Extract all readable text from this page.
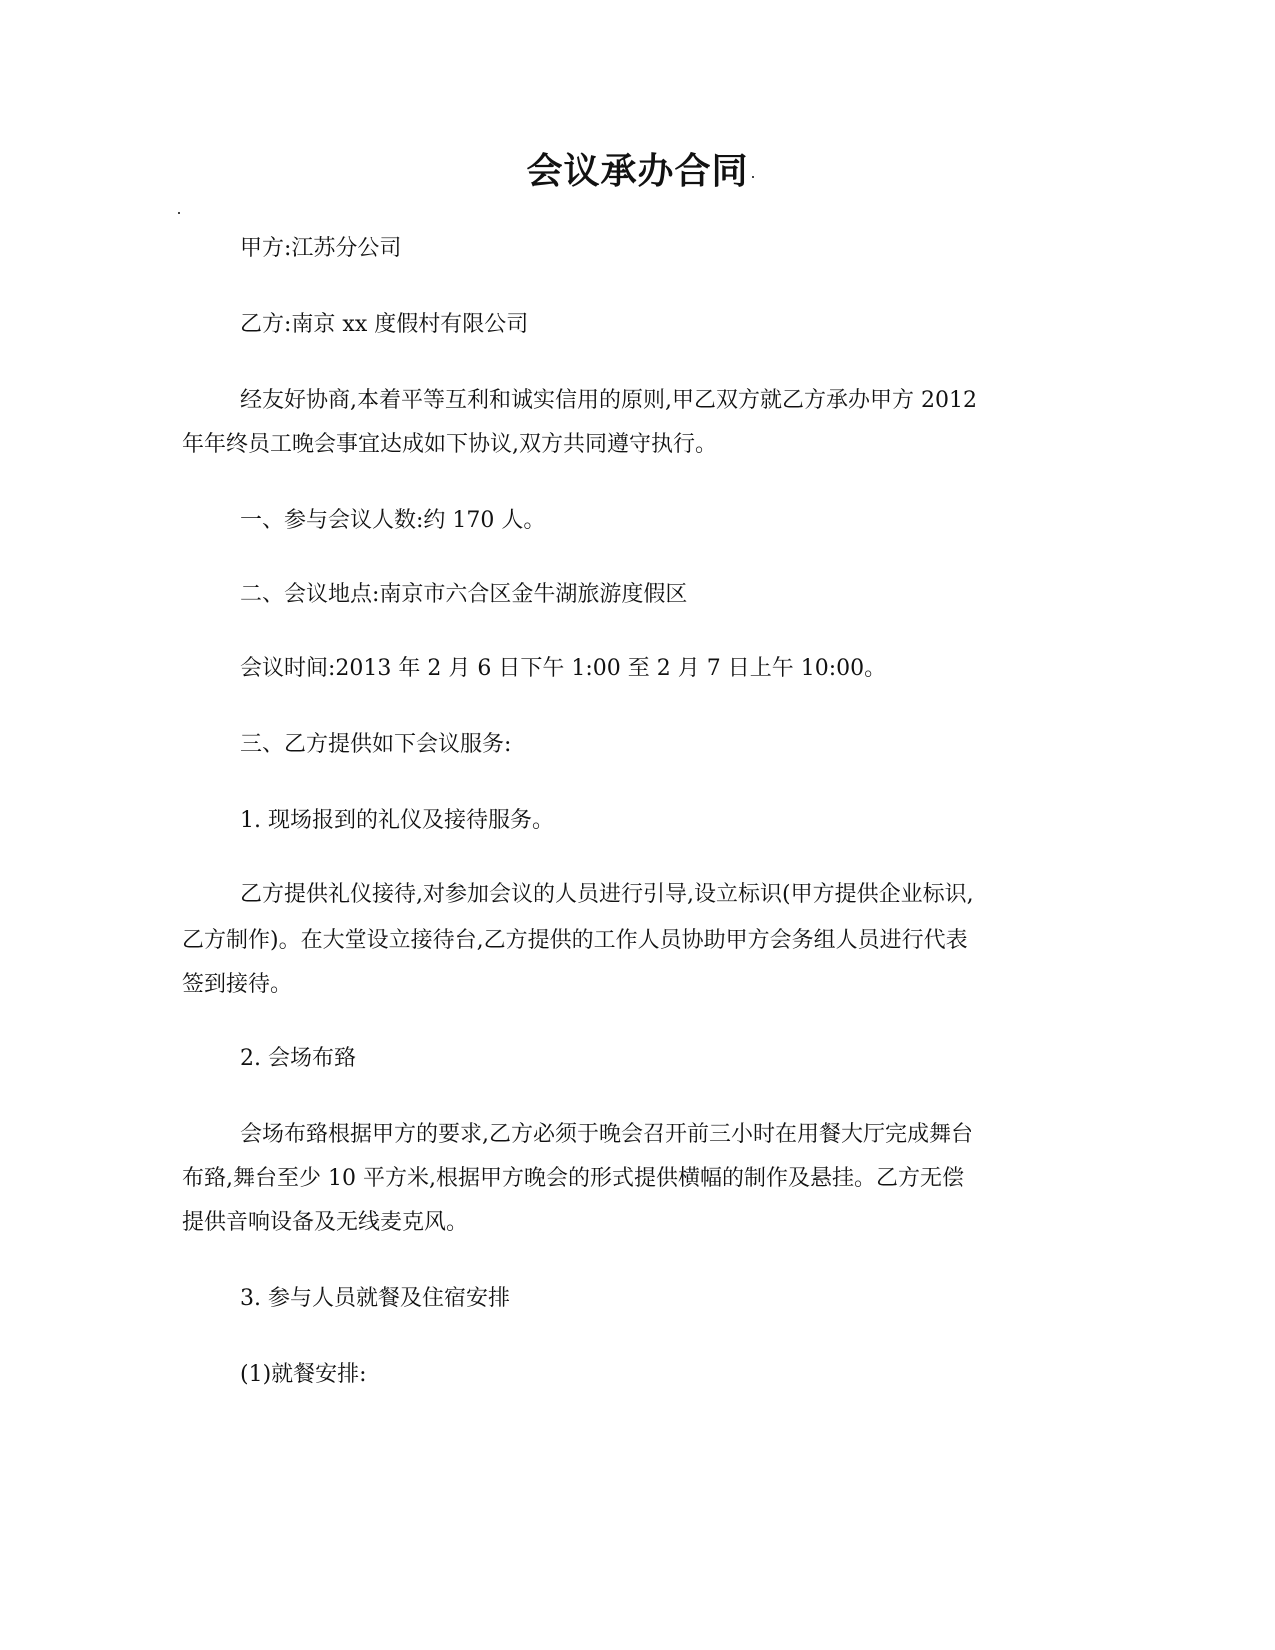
会议承办合同
甲方:江苏分公司
乙方:南京 xx 度假村有限公司
经友好协商,本着平等互利和诚实信用的原则,甲乙双方就乙方承办甲方 2012
年年终员工晚会事宜达成如下协议,双方共同遵守执行。
一、参与会议人数:约 170 人。
二、会议地点:南京市六合区金牛湖旅游度假区
会议时间:2013 年 2 月 6 日下午 1:00 至 2 月 7 日上午 10:00。
三、乙方提供如下会议服务:
1. 现场报到的礼仪及接待服务。
乙方提供礼仪接待,对参加会议的人员进行引导,设立标识(甲方提供企业标识,
乙方制作)。在大堂设立接待台,乙方提供的工作人员协助甲方会务组人员进行代表
签到接待。
2. 会场布臵
会场布臵根据甲方的要求,乙方必须于晚会召开前三小时在用餐大厅完成舞台
布臵,舞台至少 10 平方米,根据甲方晚会的形式提供横幅的制作及悬挂。乙方无偿
提供音响设备及无线麦克风。
3. 参与人员就餐及住宿安排
(1)就餐安排:
